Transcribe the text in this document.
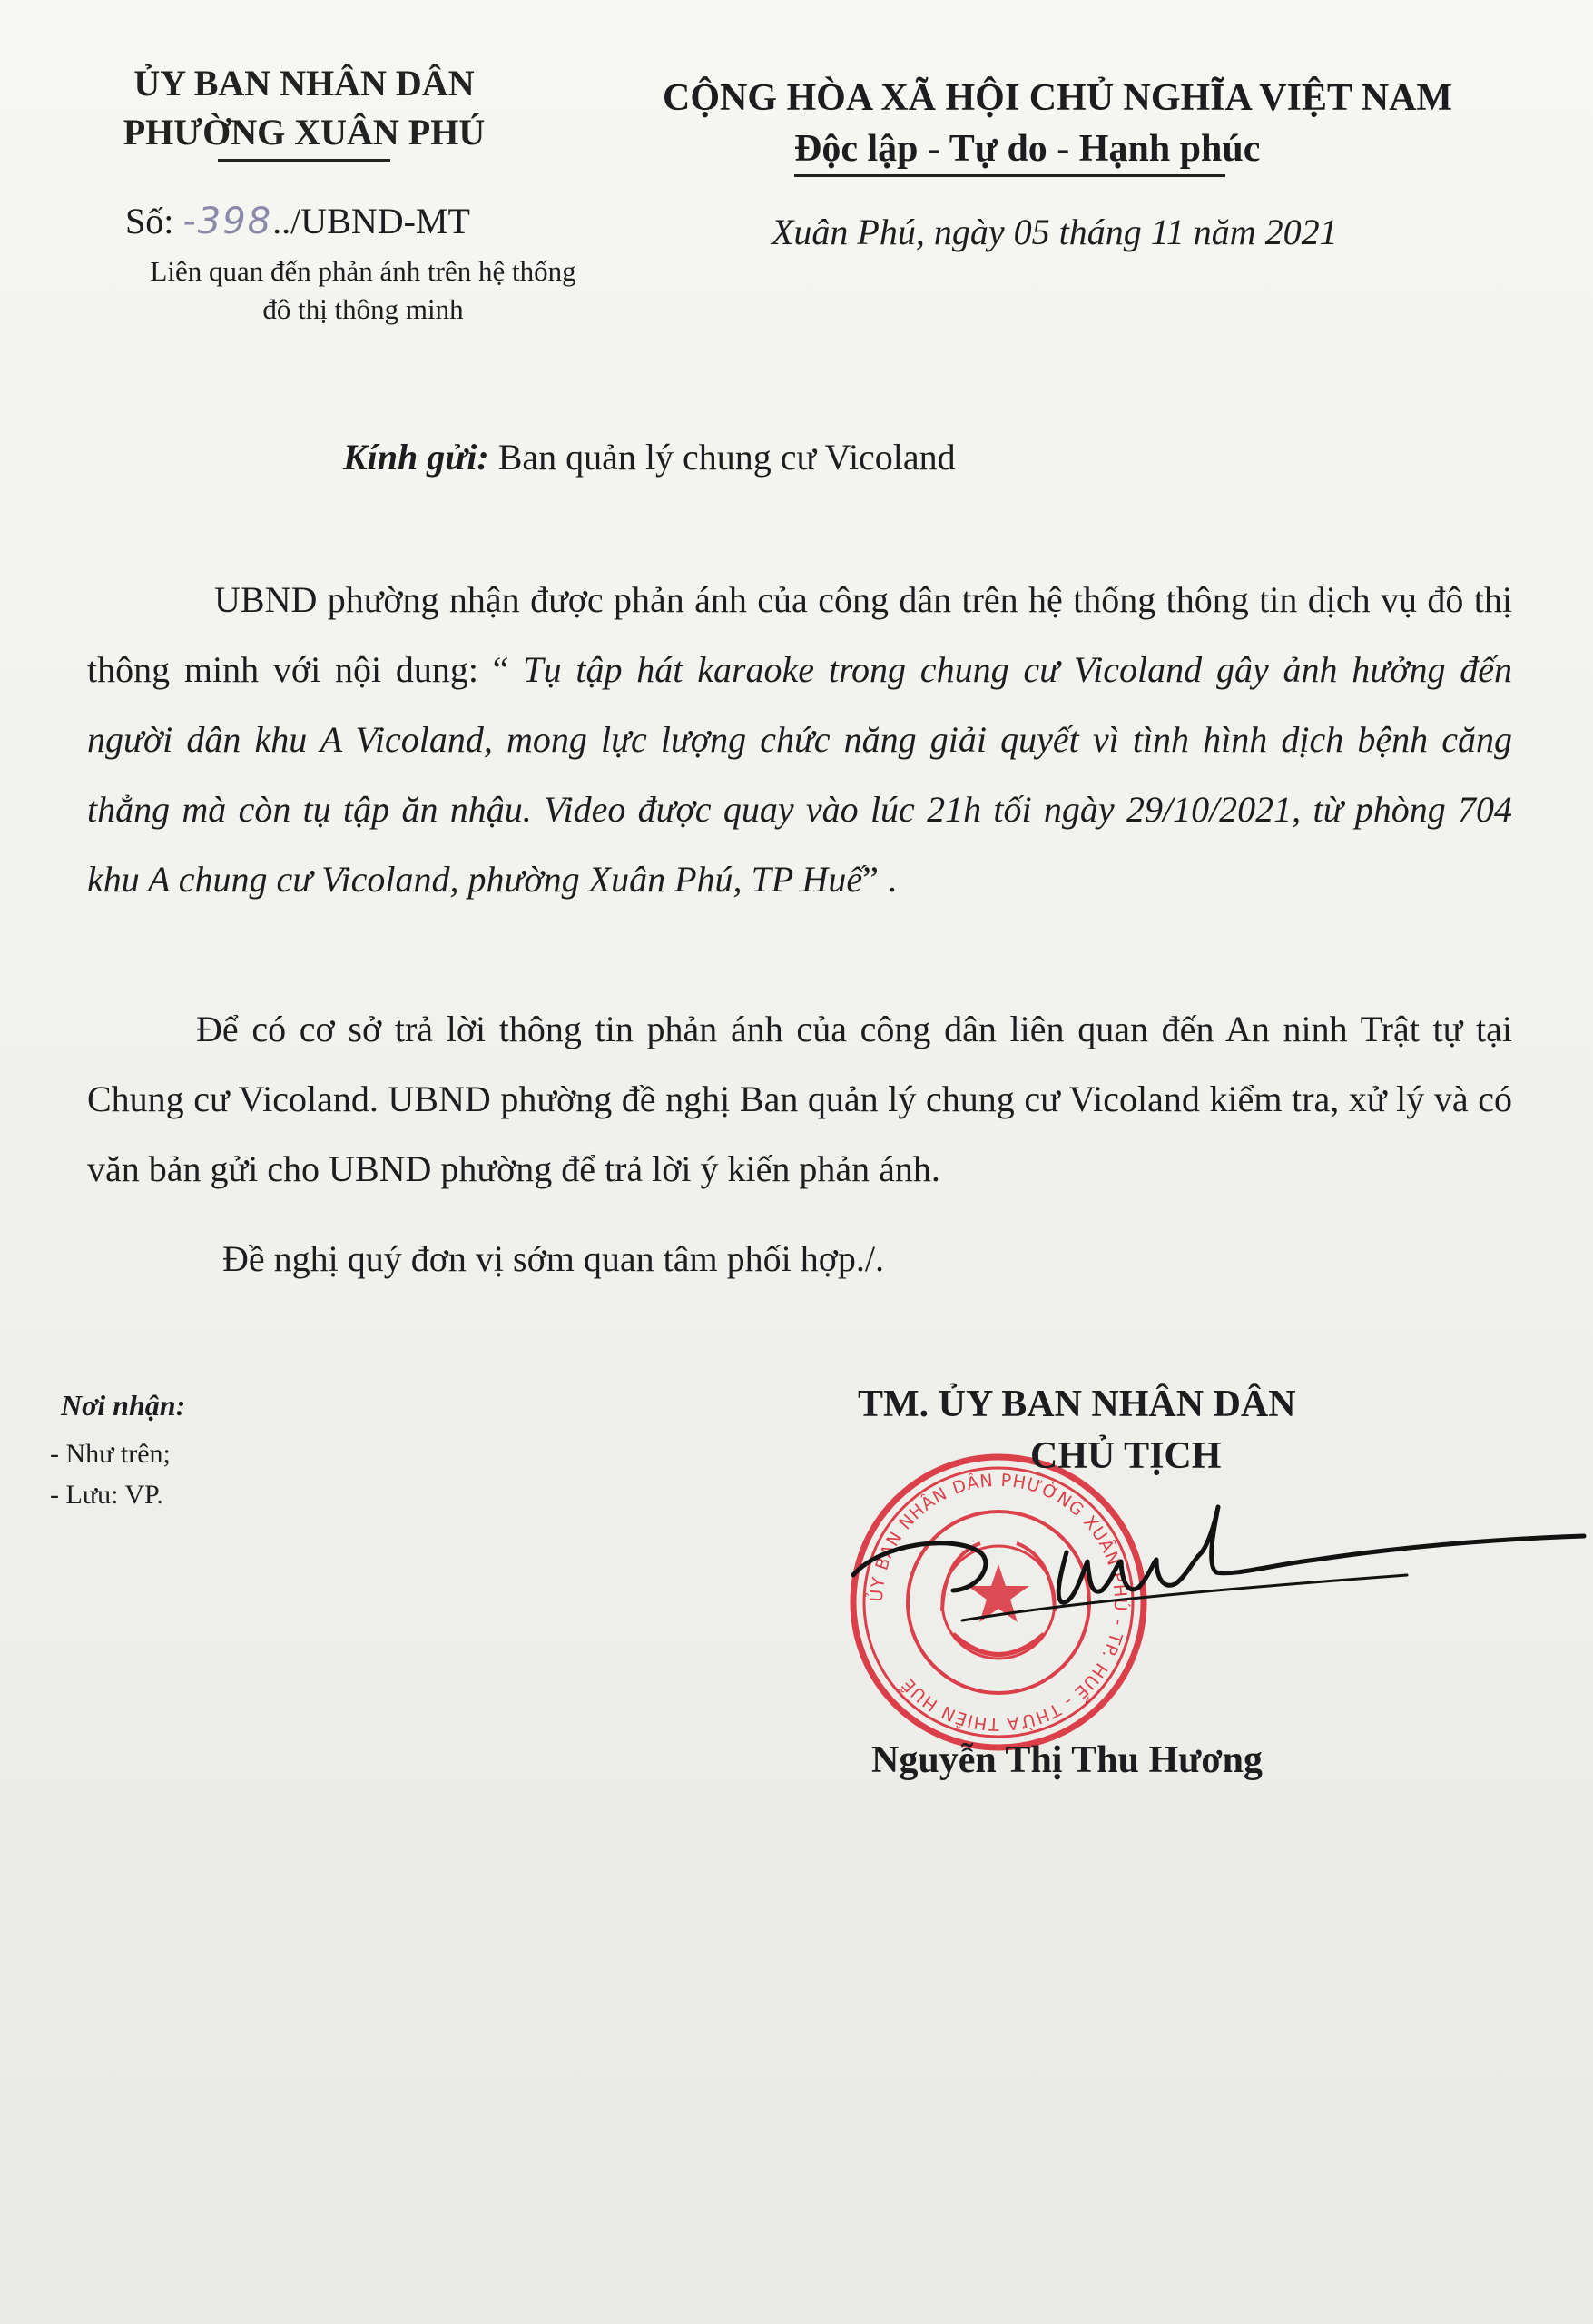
ỦY BAN NHÂN DÂN
PHƯỜNG XUÂN PHÚ
Số: -398../UBND-MT
Liên quan đến phản ánh trên hệ thống
đô thị thông minh
CỘNG HÒA XÃ HỘI CHỦ NGHĨA VIỆT NAM
Độc lập - Tự do - Hạnh phúc
Xuân Phú, ngày 05 tháng 11 năm 2021
Kính gửi: Ban quản lý chung cư Vicoland
UBND phường nhận được phản ánh của công dân trên hệ thống thông tin dịch vụ đô thị thông minh với nội dung: “ Tụ tập hát karaoke trong chung cư Vicoland gây ảnh hưởng đến người dân khu A Vicoland, mong lực lượng chức năng giải quyết vì tình hình dịch bệnh căng thẳng mà còn tụ tập ăn nhậu. Video được quay vào lúc 21h tối ngày 29/10/2021, từ phòng 704 khu A chung cư Vicoland, phường Xuân Phú, TP Huế” .
Để có cơ sở trả lời thông tin phản ánh của công dân liên quan đến An ninh Trật tự tại Chung cư Vicoland. UBND phường đề nghị Ban quản lý chung cư Vicoland kiểm tra, xử lý và có văn bản gửi cho UBND phường để trả lời ý kiến phản ánh.
Đề nghị quý đơn vị sớm quan tâm phối hợp./.
Nơi nhận:
- Như trên;
- Lưu: VP.
ỦY BAN NHÂN DÂN PHƯỜNG XUÂN PHÚ - TP. HUẾ - THỪA THIÊN HUẾ
TM. ỦY BAN NHÂN DÂN
CHỦ TỊCH
Nguyễn Thị Thu Hương
